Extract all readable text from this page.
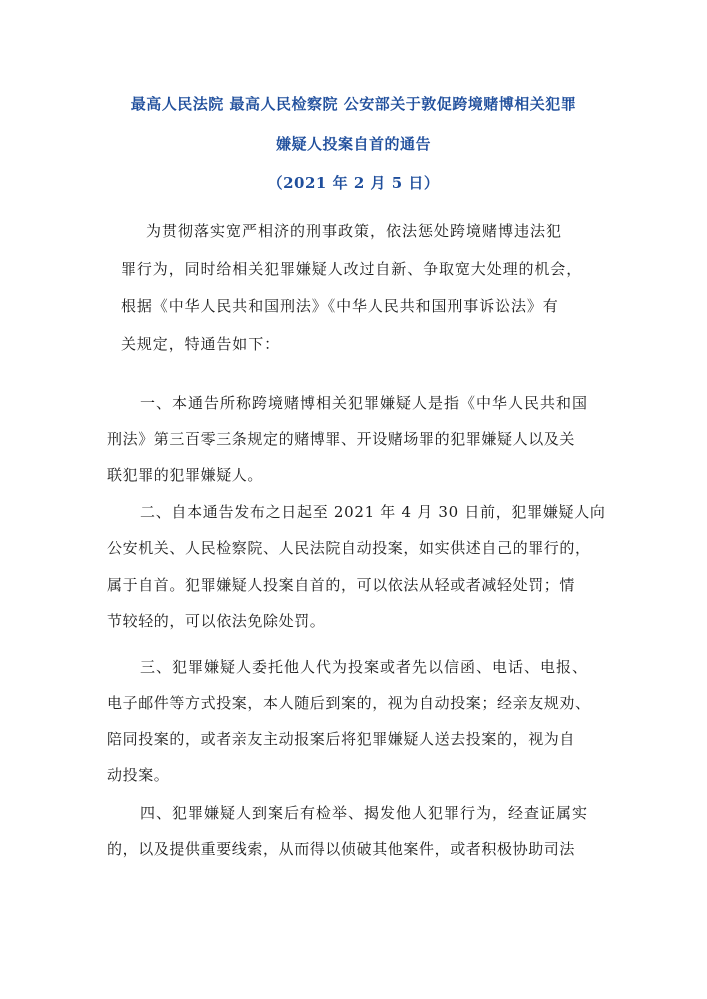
最高人民法院 最高人民检察院 公安部关于敦促跨境赌博相关犯罪
嫌疑人投案自首的通告
（2021 年 2 月 5 日）
为贯彻落实宽严相济的刑事政策，依法惩处跨境赌博违法犯
罪行为，同时给相关犯罪嫌疑人改过自新、争取宽大处理的机会，
根据《中华人民共和国刑法》《中华人民共和国刑事诉讼法》有
关规定，特通告如下：
一、本通告所称跨境赌博相关犯罪嫌疑人是指《中华人民共和国
刑法》第三百零三条规定的赌博罪、开设赌场罪的犯罪嫌疑人以及关
联犯罪的犯罪嫌疑人。
二、自本通告发布之日起至 2021 年 4 月 30 日前，犯罪嫌疑人向
公安机关、人民检察院、人民法院自动投案，如实供述自己的罪行的，
属于自首。犯罪嫌疑人投案自首的，可以依法从轻或者减轻处罚；情
节较轻的，可以依法免除处罚。
三、犯罪嫌疑人委托他人代为投案或者先以信函、电话、电报、
电子邮件等方式投案，本人随后到案的，视为自动投案；经亲友规劝、
陪同投案的，或者亲友主动报案后将犯罪嫌疑人送去投案的，视为自
动投案。
四、犯罪嫌疑人到案后有检举、揭发他人犯罪行为，经查证属实
的，以及提供重要线索，从而得以侦破其他案件，或者积极协助司法
